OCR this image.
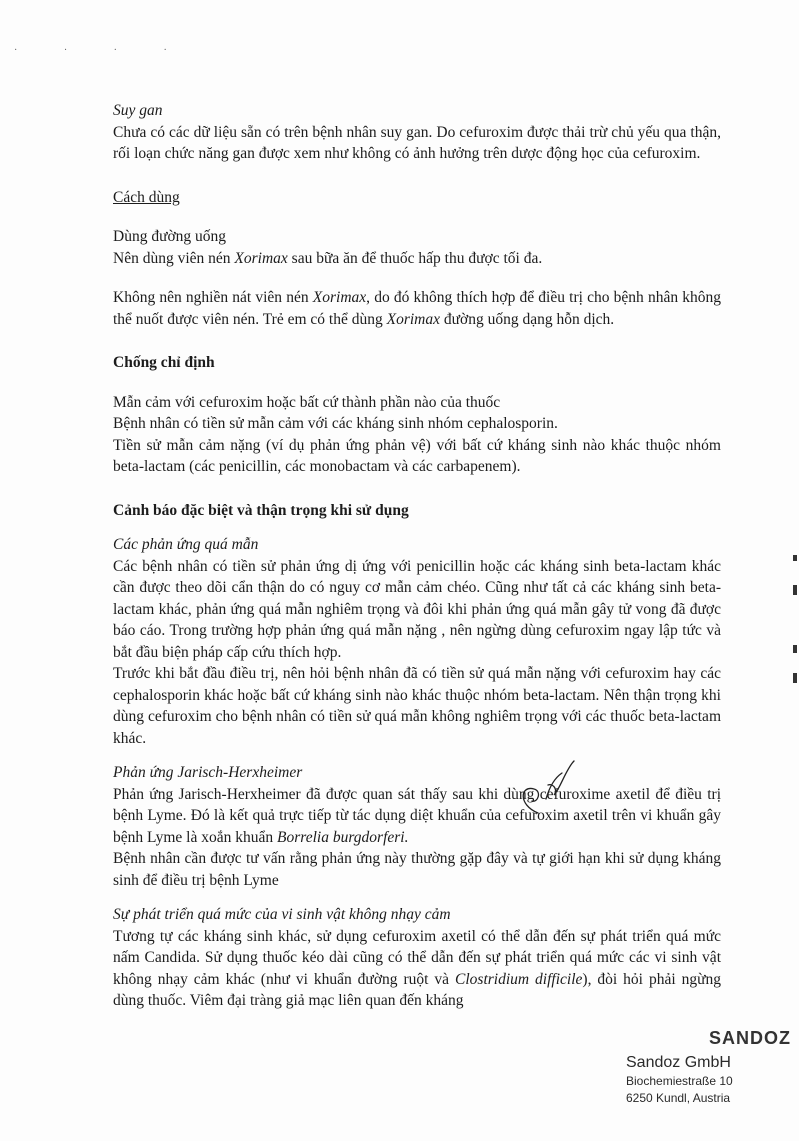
· · · ·

Suy gan

Chưa có các dữ liệu sẵn có trên bệnh nhân suy gan. Do cefuroxim được thải trừ chủ yếu qua thận, rối loạn chức năng gan được xem như không có ảnh hưởng trên dược động học của cefuroxim.

Cách dùng

Dùng đường uống

Nên dùng viên nén Xorimax sau bữa ăn để thuốc hấp thu được tối đa.

Không nên nghiền nát viên nén Xorimax, do đó không thích hợp để điều trị cho bệnh nhân không thể nuốt được viên nén. Trẻ em có thể dùng Xorimax đường uống dạng hỗn dịch.

Chống chỉ định

Mẫn cảm với cefuroxim hoặc bất cứ thành phần nào của thuốc

Bệnh nhân có tiền sử mẫn cảm với các kháng sinh nhóm cephalosporin.

Tiền sử mẫn cảm nặng (ví dụ phản ứng phản vệ) với bất cứ kháng sinh nào khác thuộc nhóm beta-lactam (các penicillin, các monobactam và các carbapenem).

Cảnh báo đặc biệt và thận trọng khi sử dụng

Các phản ứng quá mẫn

Các bệnh nhân có tiền sử phản ứng dị ứng với penicillin hoặc các kháng sinh beta-lactam khác cần được theo dõi cẩn thận do có nguy cơ mẫn cảm chéo. Cũng như tất cả các kháng sinh beta-lactam khác, phản ứng quá mẫn nghiêm trọng và đôi khi phản ứng quá mẫn gây tử vong đã được báo cáo. Trong trường hợp phản ứng quá mẫn nặng , nên ngừng dùng cefuroxim ngay lập tức và bắt đầu biện pháp cấp cứu thích hợp.

Trước khi bắt đầu điều trị, nên hỏi bệnh nhân đã có tiền sử quá mẫn nặng với cefuroxim hay các cephalosporin khác hoặc bất cứ kháng sinh nào khác thuộc nhóm beta-lactam. Nên thận trọng khi dùng cefuroxim cho bệnh nhân có tiền sử quá mẫn không nghiêm trọng với các thuốc beta-lactam khác.

Phản ứng Jarisch-Herxheimer

Phản ứng Jarisch-Herxheimer đã được quan sát thấy sau khi dùng cefuroxime axetil để điều trị bệnh Lyme. Đó là kết quả trực tiếp từ tác dụng diệt khuẩn của cefuroxim axetil trên vi khuẩn gây bệnh Lyme là xoắn khuẩn Borrelia burgdorferi.

Bệnh nhân cần được tư vấn rằng phản ứng này thường gặp đây và tự giới hạn khi sử dụng kháng sinh để điều trị bệnh Lyme

Sự phát triển quá mức của vi sinh vật không nhạy cảm

Tương tự các kháng sinh khác, sử dụng cefuroxim axetil có thể dẫn đến sự phát triển quá mức nấm Candida. Sử dụng thuốc kéo dài cũng có thể dẫn đến sự phát triển quá mức các vi sinh vật không nhạy cảm khác (như vi khuẩn đường ruột và Clostridium difficile), đòi hỏi phải ngừng dùng thuốc. Viêm đại tràng giả mạc liên quan đến kháng

SANDOZ
Sandoz GmbH
Biochemiestraße 10
6250 Kundl, Austria
